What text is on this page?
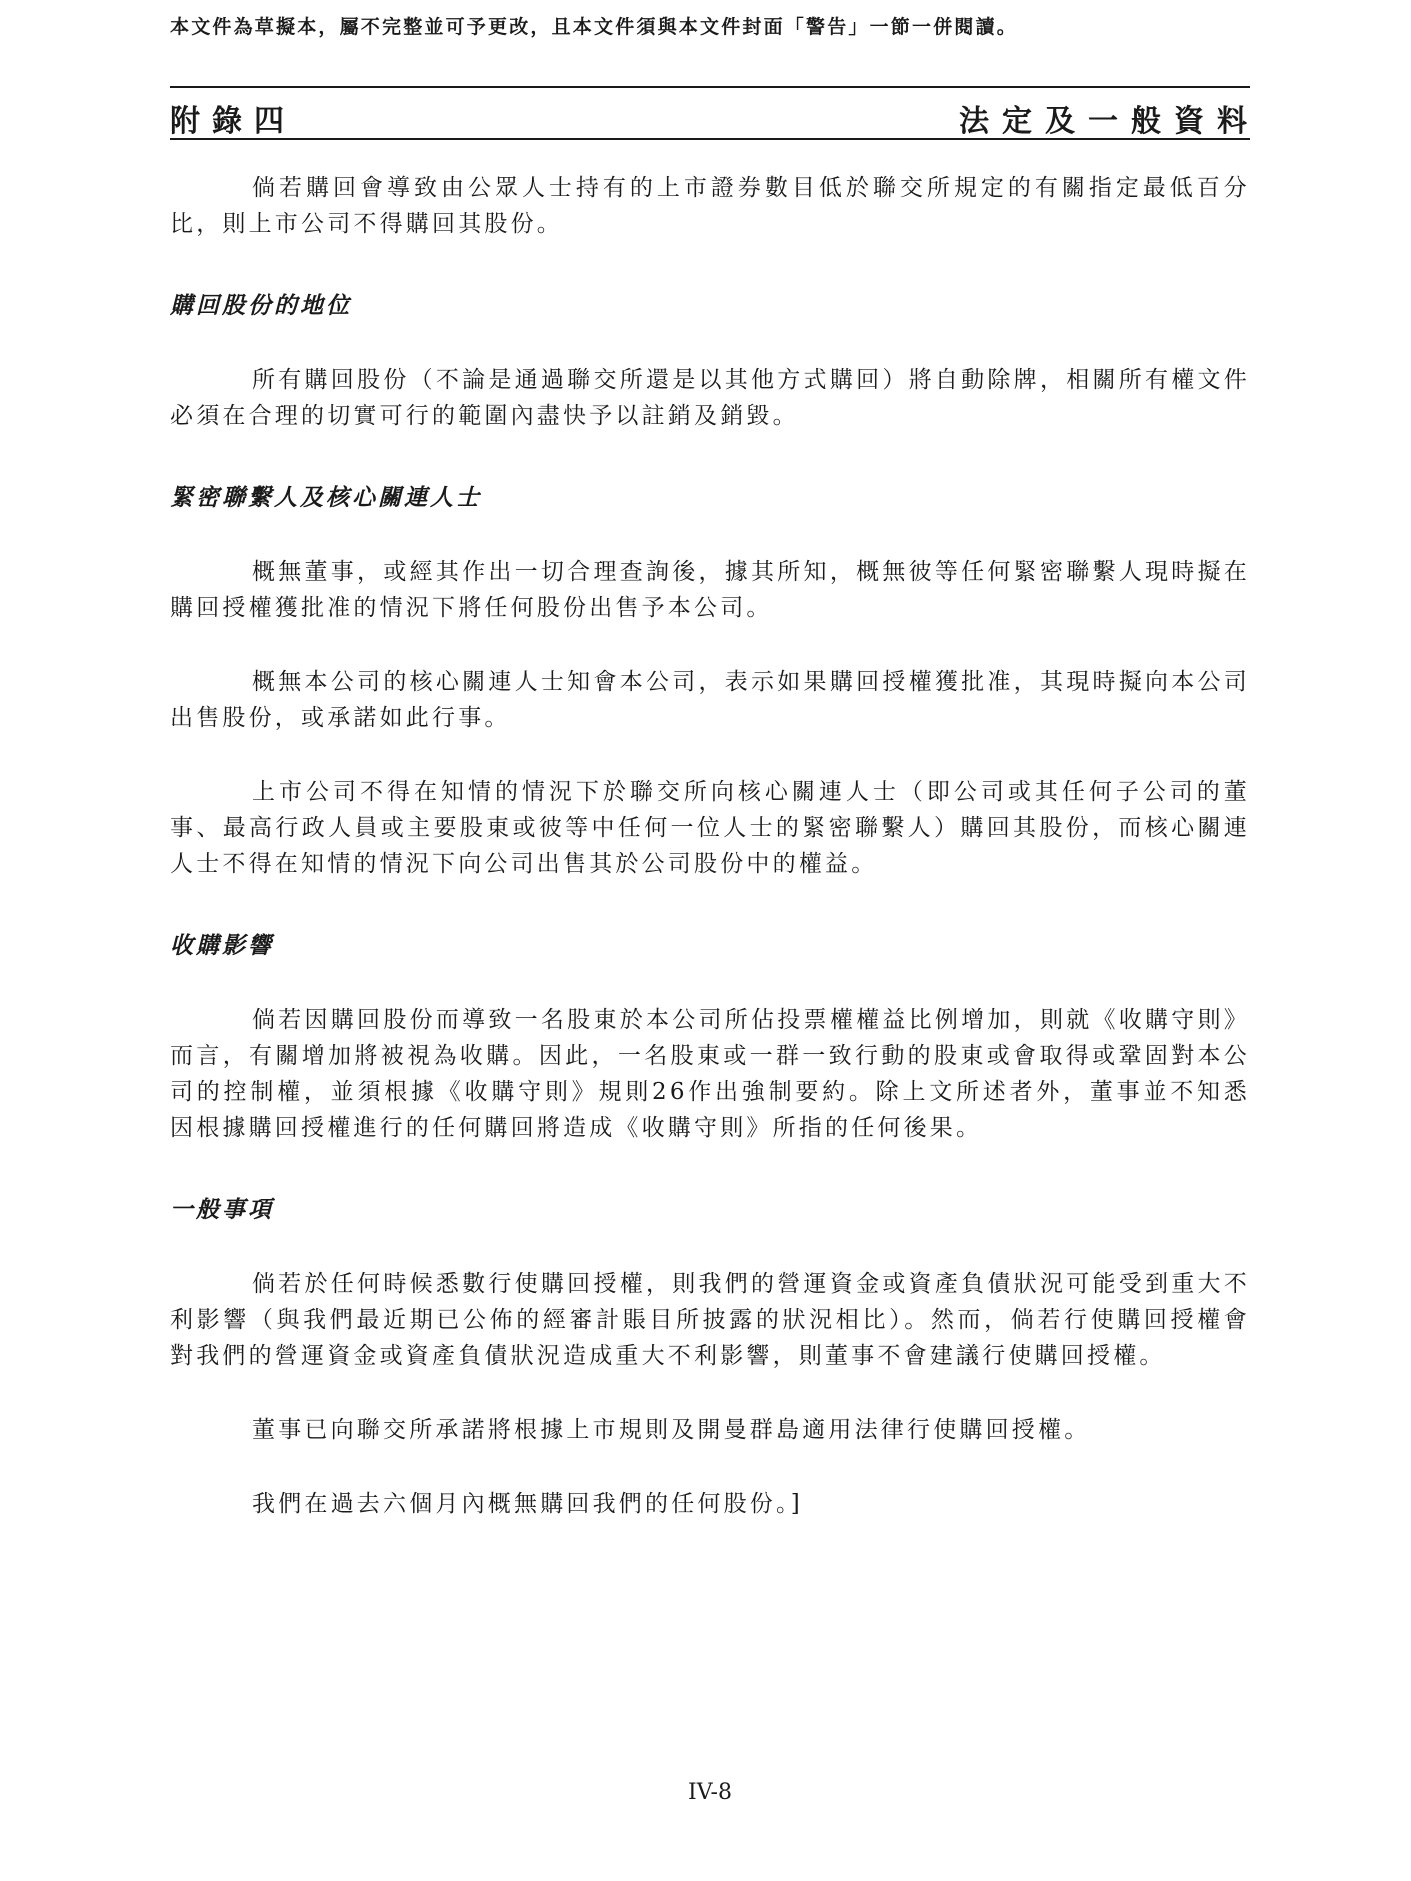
本文件為草擬本，屬不完整並可予更改，且本文件須與本文件封面「警告」一節一併閱讀。
附錄四	法定及一般資料

倘若購回會導致由公眾人士持有的上市證券數目低於聯交所規定的有關指定最低百分比，則上市公司不得購回其股份。

購回股份的地位

所有購回股份（不論是通過聯交所還是以其他方式購回）將自動除牌，相關所有權文件必須在合理的切實可行的範圍內盡快予以註銷及銷毀。

緊密聯繫人及核心關連人士

概無董事，或經其作出一切合理查詢後，據其所知，概無彼等任何緊密聯繫人現時擬在購回授權獲批准的情況下將任何股份出售予本公司。

概無本公司的核心關連人士知會本公司，表示如果購回授權獲批准，其現時擬向本公司出售股份，或承諾如此行事。

上市公司不得在知情的情況下於聯交所向核心關連人士（即公司或其任何子公司的董事、最高行政人員或主要股東或彼等中任何一位人士的緊密聯繫人）購回其股份，而核心關連人士不得在知情的情況下向公司出售其於公司股份中的權益。

收購影響

倘若因購回股份而導致一名股東於本公司所佔投票權權益比例增加，則就《收購守則》而言，有關增加將被視為收購。因此，一名股東或一群一致行動的股東或會取得或鞏固對本公司的控制權，並須根據《收購守則》規則26作出強制要約。除上文所述者外，董事並不知悉因根據購回授權進行的任何購回將造成《收購守則》所指的任何後果。

一般事項

倘若於任何時候悉數行使購回授權，則我們的營運資金或資產負債狀況可能受到重大不利影響（與我們最近期已公佈的經審計賬目所披露的狀況相比）。然而，倘若行使購回授權會對我們的營運資金或資產負債狀況造成重大不利影響，則董事不會建議行使購回授權。

董事已向聯交所承諾將根據上市規則及開曼群島適用法律行使購回授權。

我們在過去六個月內概無購回我們的任何股份。]

IV-8
